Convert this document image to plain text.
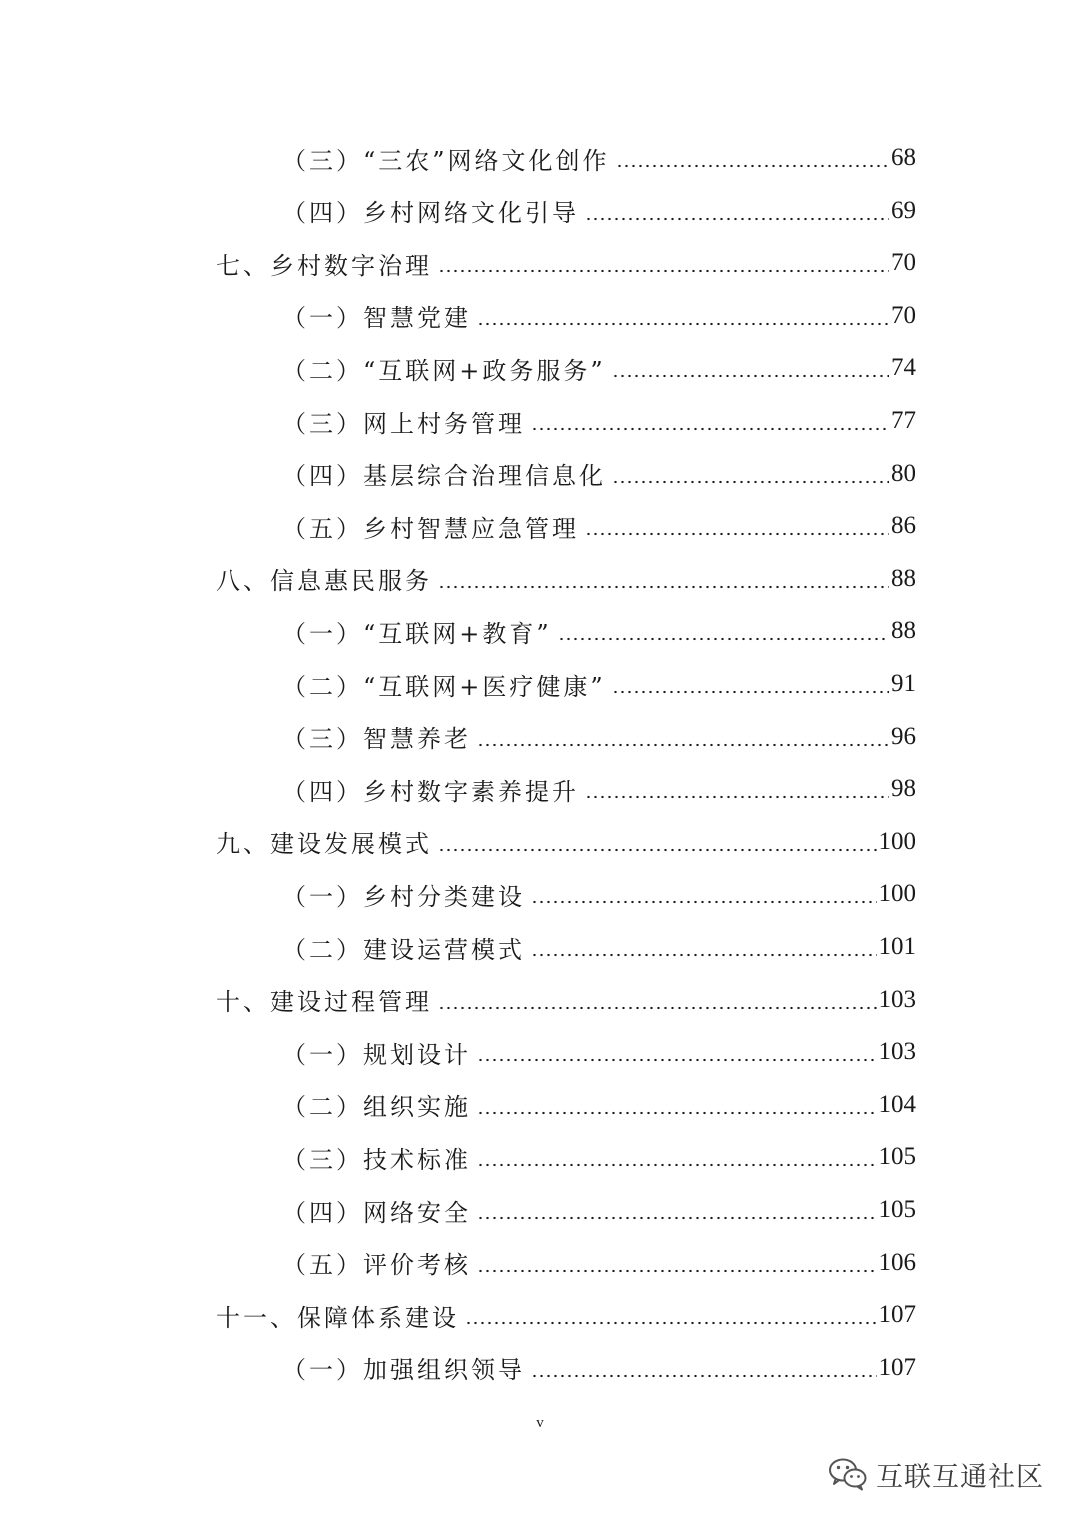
（三）“三农”网络文化创作	68
（四）乡村网络文化引导	69
七、乡村数字治理	70
（一）智慧党建	70
（二）“互联网+政务服务”	74
（三）网上村务管理	77
（四）基层综合治理信息化	80
（五）乡村智慧应急管理	86
八、信息惠民服务	88
（一）“互联网+教育”	88
（二）“互联网+医疗健康”	91
（三）智慧养老	96
（四）乡村数字素养提升	98
九、建设发展模式	100
（一）乡村分类建设	100
（二）建设运营模式	101
十、建设过程管理	103
（一）规划设计	103
（二）组织实施	104
（三）技术标准	105
（四）网络安全	105
（五）评价考核	106
十一、保障体系建设	107
（一）加强组织领导	107
v
互联互通社区
